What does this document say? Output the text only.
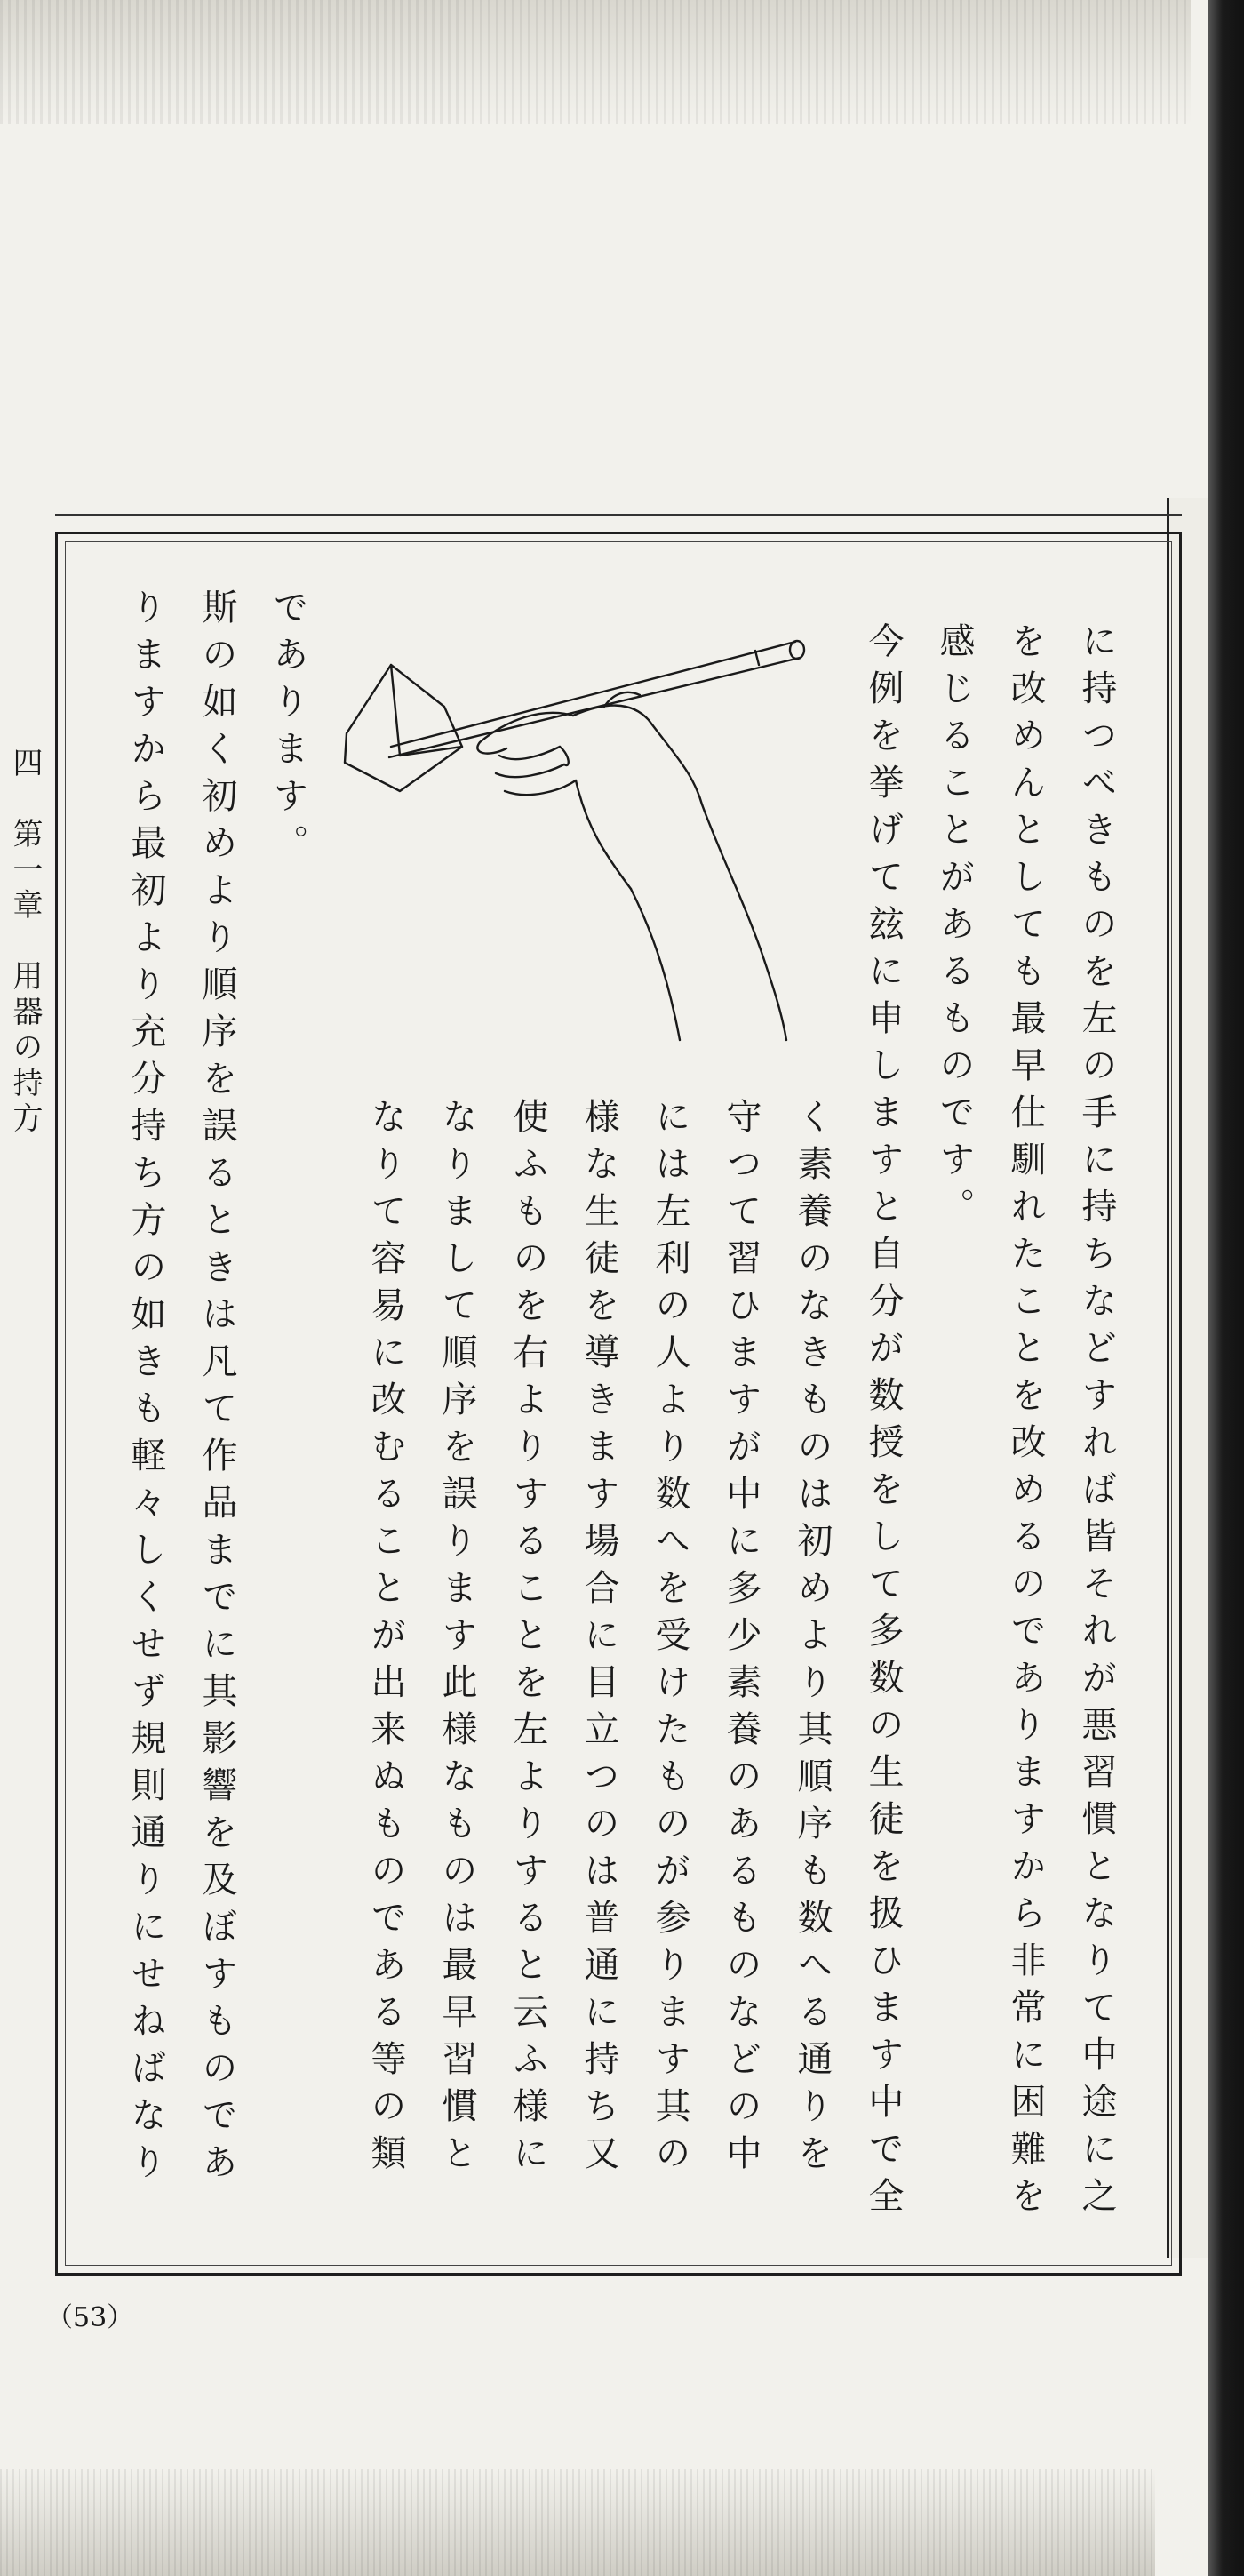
四　第一章　用器の持方	に持つべきものを左の手に持ちなどすれば皆それが悪習慣となりて中途に之
を改めんとしても最早仕馴れたことを改めるのでありますから非常に困難を
感じることがあるものです。
今例を挙げて玆に申しますと自分が数授をして多数の生徒を扱ひます中で全
く素養のなきものは初めより其順序も数へる通りを
守つて習ひますが中に多少素養のあるものなどの中
には左利の人より数へを受けたものが参ります其の
様な生徒を導きます場合に目立つのは普通に持ち又
使ふものを右よりすることを左よりすると云ふ様に
なりまして順序を誤ります此様なものは最早習慣と
なりて容易に改むることが出来ぬものである等の類
であります。
斯の如く初めより順序を誤るときは凡て作品までに其影響を及ぼすものであ
りますから最初より充分持ち方の如きも軽々しくせず規則通りにせねばなり
（53）
